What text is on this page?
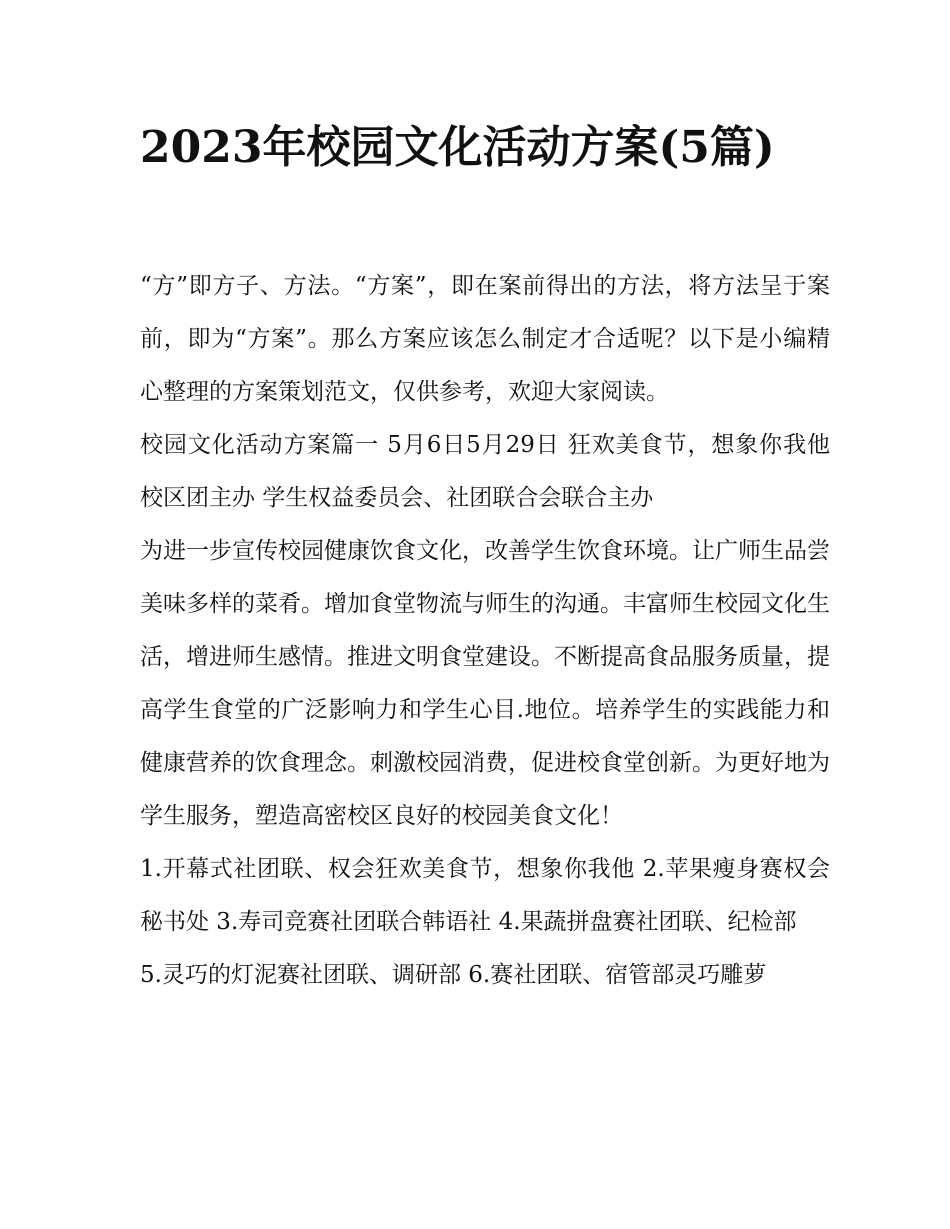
2023年校园文化活动方案(5篇)

“方”即方子、方法。“方案”，即在案前得出的方法，将方法呈于案前，即为“方案”。那么方案应该怎么制定才合适呢？以下是小编精心整理的方案策划范文，仅供参考，欢迎大家阅读。

校园文化活动方案篇一 5月6日5月29日 狂欢美食节，想象你我他 校区团主办 学生权益委员会、社团联合会联合主办

为进一步宣传校园健康饮食文化，改善学生饮食环境。让广师生品尝美味多样的菜肴。增加食堂物流与师生的沟通。丰富师生校园文化生活，增进师生感情。推进文明食堂建设。不断提高食品服务质量，提高学生食堂的广泛影响力和学生心目.地位。培养学生的实践能力和健康营养的饮食理念。刺激校园消费，促进校食堂创新。为更好地为学生服务，塑造高密校区良好的校园美食文化！

1.开幕式社团联、权会狂欢美食节，想象你我他 2.苹果瘦身赛权会秘书处 3.寿司竞赛社团联合韩语社 4.果蔬拼盘赛社团联、纪检部

5.灵巧的灯泥赛社团联、调研部 6.赛社团联、宿管部灵巧雕萝
